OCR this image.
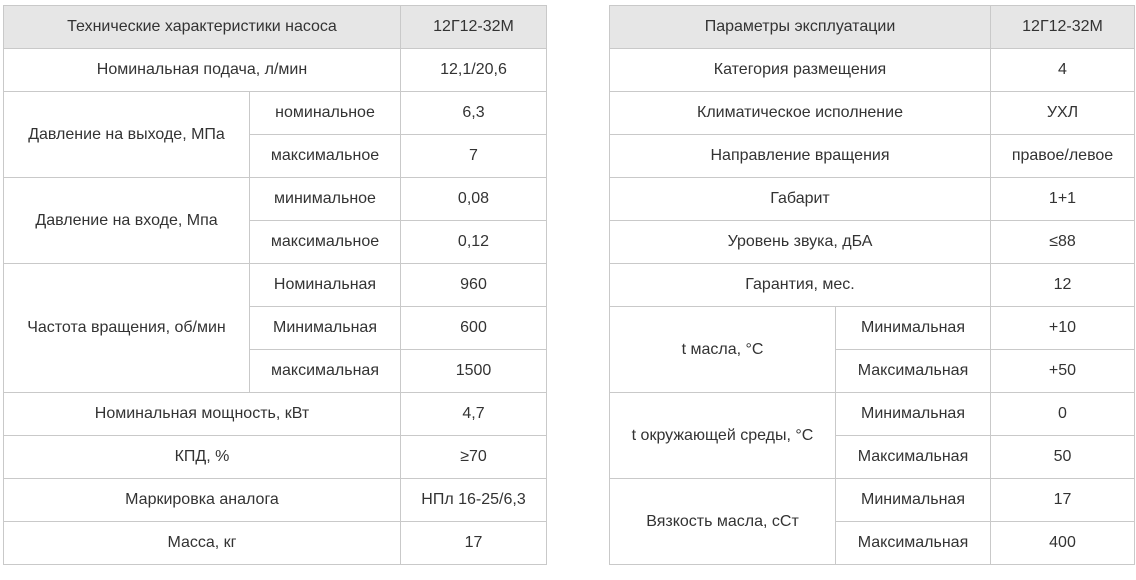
Технические характеристики насоса		12Г12-32М
Номинальная подача, л/мин		12,1/20,6
Давление на выходе, МПа	номинальное	6,3
	максимальное	7
Давление на входе, Мпа	минимальное	0,08
	максимальное	0,12
Частота вращения, об/мин	Номинальная	960
	Минимальная	600
	максимальная	1500
Номинальная мощность, кВт		4,7
КПД, %		≥70
Маркировка аналога		НПл 16-25/6,3
Масса, кг		17
Параметры эксплуатации		12Г12-32М
Категория размещения		4
Климатическое исполнение		УХЛ
Направление вращения		правое/левое
Габарит		1+1
Уровень звука, дБА		≤88
Гарантия, мес.		12
t масла, °C	Минимальная	+10
	Максимальная	+50
t окружающей среды, °C	Минимальная	0
	Максимальная	50
Вязкость масла, сСт	Минимальная	17
	Максимальная	400
